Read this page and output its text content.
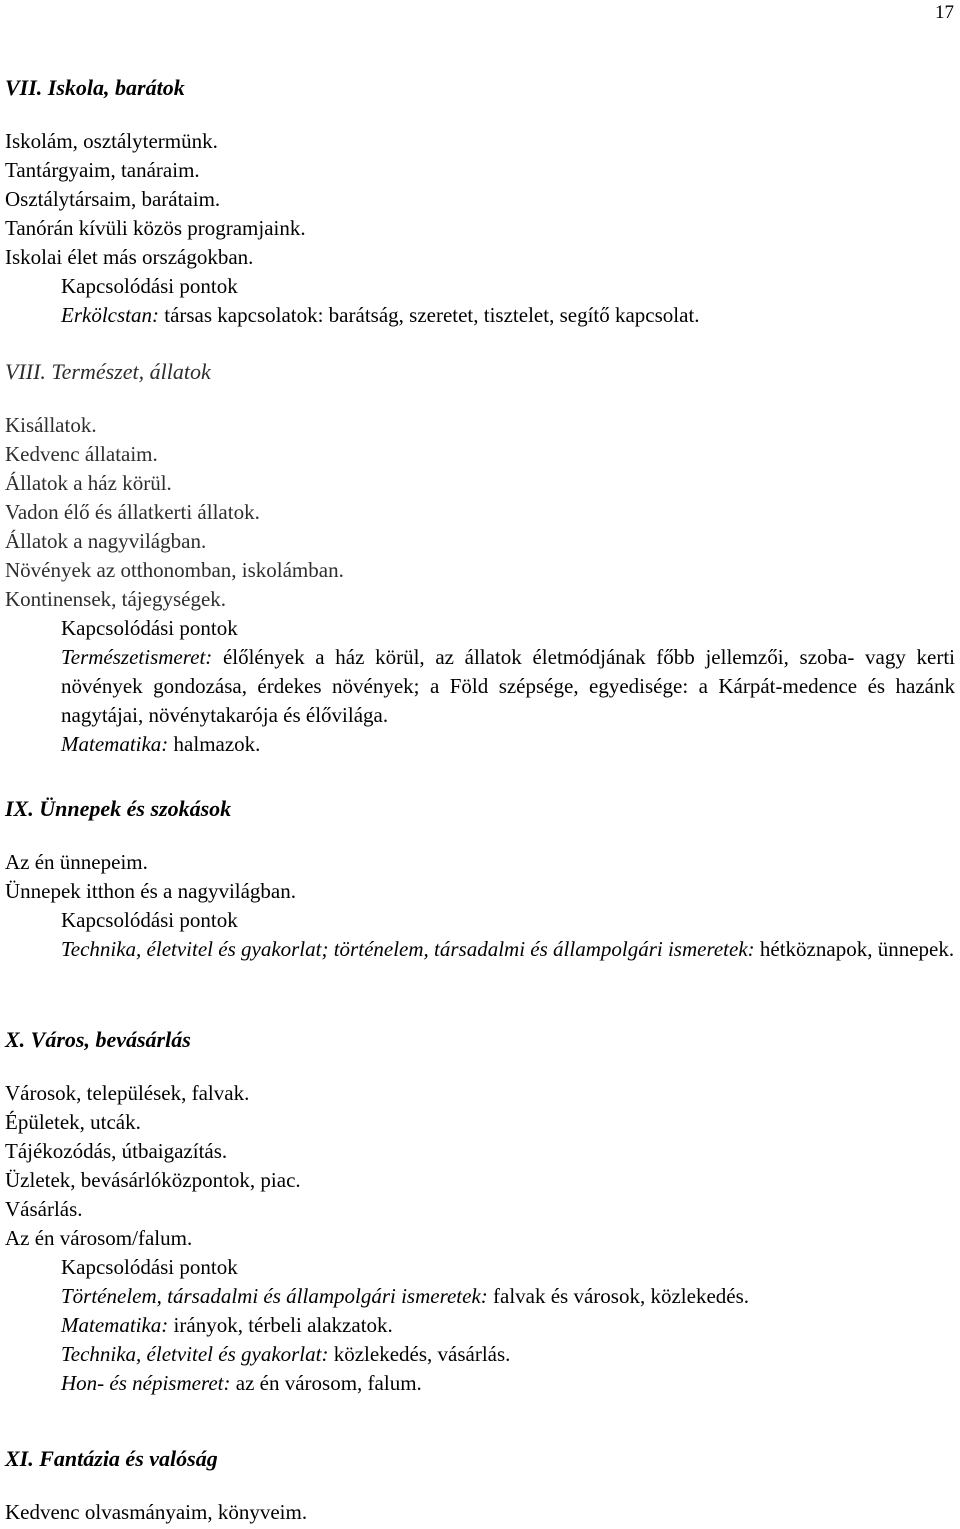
17
VII. Iskola, barátok
Iskolám, osztálytermünk.
Tantárgyaim, tanáraim.
Osztálytársaim, barátaim.
Tanórán kívüli közös programjaink.
Iskolai élet más országokban.
Kapcsolódási pontok
Erkölcstan: társas kapcsolatok: barátság, szeretet, tisztelet, segítő kapcsolat.
VIII. Természet, állatok
Kisállatok.
Kedvenc állataim.
Állatok a ház körül.
Vadon élő és állatkerti állatok.
Állatok a nagyvilágban.
Növények az otthonomban, iskolámban.
Kontinensek, tájegységek.
Kapcsolódási pontok
Természetismeret: élőlények a ház körül, az állatok életmódjának főbb jellemzői, szoba- vagy kerti növények gondozása, érdekes növények; a Föld szépsége, egyedisége: a Kárpát-medence és hazánk nagytájai, növénytakarója és élővilága.
Matematika: halmazok.
IX. Ünnepek és szokások
Az én ünnepeim.
Ünnepek itthon és a nagyvilágban.
Kapcsolódási pontok
Technika, életvitel és gyakorlat; történelem, társadalmi és állampolgári ismeretek: hétköznapok, ünnepek.
X. Város, bevásárlás
Városok, települések, falvak.
Épületek, utcák.
Tájékozódás, útbaigazítás.
Üzletek, bevásárlóközpontok, piac.
Vásárlás.
Az én városom/falum.
Kapcsolódási pontok
Történelem, társadalmi és állampolgári ismeretek: falvak és városok, közlekedés.
Matematika: irányok, térbeli alakzatok.
Technika, életvitel és gyakorlat: közlekedés, vásárlás.
Hon- és népismeret: az én városom, falum.
XI. Fantázia és valóság
Kedvenc olvasmányaim, könyveim.
